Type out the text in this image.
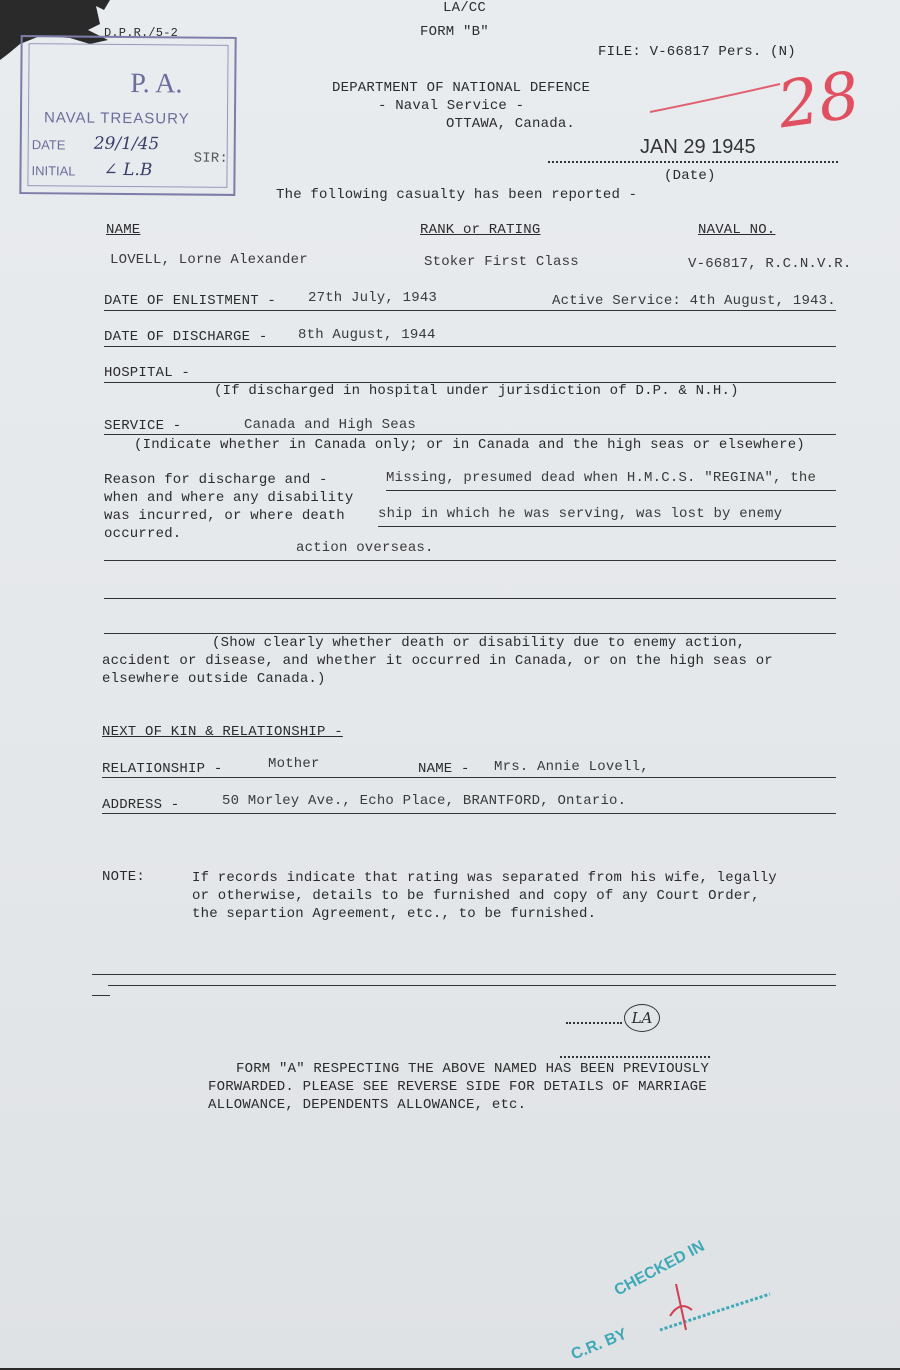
LA/CC
FORM "B"
D.P.R./5-2
FILE: V-66817 Pers. (N)
DEPARTMENT OF NATIONAL DEFENCE
- Naval Service -
OTTAWA, Canada.	28
JAN 29 1945
(Date)
P. A.
NAVAL TREASURY
DATE 29/1/45
SIR:
INITIAL ∠ L.B
The following casualty has been reported -
NAME	RANK or RATING	NAVAL NO.
LOVELL, Lorne Alexander	Stoker First Class	V-66817, R.C.N.V.R.
DATE OF ENLISTMENT - 27th July, 1943	Active Service: 4th August, 1943.
DATE OF DISCHARGE - 8th August, 1944
HOSPITAL -
(If discharged in hospital under jurisdiction of D.P. & N.H.)
SERVICE -	Canada and High Seas
(Indicate whether in Canada only; or in Canada and the high seas or elsewhere)
Reason for discharge and -
when and where any disability
was incurred, or where death
occurred.
Missing, presumed dead when H.M.C.S. "REGINA", the
ship in which he was serving, was lost by enemy
action overseas.
(Show clearly whether death or disability due to enemy action,
accident or disease, and whether it occurred in Canada, or on the high seas or
elsewhere outside Canada.)
NEXT OF KIN & RELATIONSHIP -
RELATIONSHIP -	Mother	NAME - Mrs. Annie Lovell,
ADDRESS -	50 Morley Ave., Echo Place, BRANTFORD, Ontario.
NOTE:	If records indicate that rating was separated from his wife, legally
or otherwise, details to be furnished and copy of any Court Order,
the separtion Agreement, etc., to be furnished.
LA
FORM "A" RESPECTING THE ABOVE NAMED HAS BEEN PREVIOUSLY
FORWARDED. PLEASE SEE REVERSE SIDE FOR DETAILS OF MARRIAGE
ALLOWANCE, DEPENDENTS ALLOWANCE, etc.
CHECKED IN
C.R. BY
